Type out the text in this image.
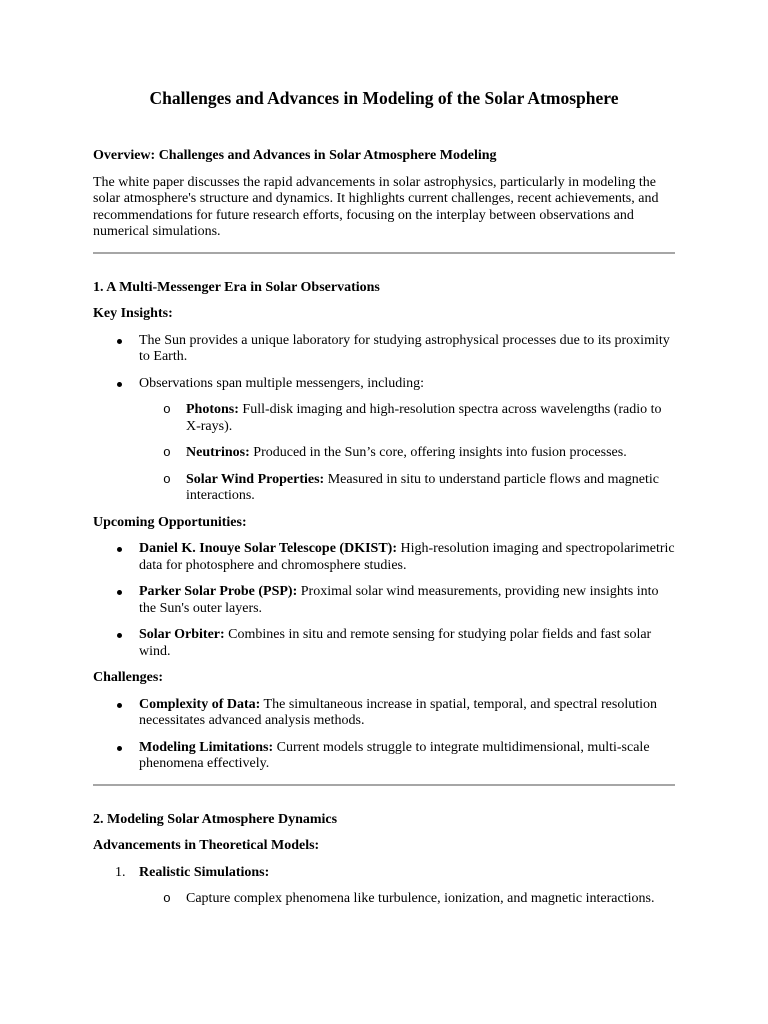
Challenges and Advances in Modeling of the Solar Atmosphere

Overview: Challenges and Advances in Solar Atmosphere Modeling

The white paper discusses the rapid advancements in solar astrophysics, particularly in modeling the solar atmosphere's structure and dynamics. It highlights current challenges, recent achievements, and recommendations for future research efforts, focusing on the interplay between observations and numerical simulations.

1. A Multi-Messenger Era in Solar Observations

Key Insights:

The Sun provides a unique laboratory for studying astrophysical processes due to its proximity to Earth.
Observations span multiple messengers, including:
o Photons: Full-disk imaging and high-resolution spectra across wavelengths (radio to X-rays).
o Neutrinos: Produced in the Sun’s core, offering insights into fusion processes.
o Solar Wind Properties: Measured in situ to understand particle flows and magnetic interactions.

Upcoming Opportunities:

Daniel K. Inouye Solar Telescope (DKIST): High-resolution imaging and spectropolarimetric data for photosphere and chromosphere studies.
Parker Solar Probe (PSP): Proximal solar wind measurements, providing new insights into the Sun's outer layers.
Solar Orbiter: Combines in situ and remote sensing for studying polar fields and fast solar wind.

Challenges:

Complexity of Data: The simultaneous increase in spatial, temporal, and spectral resolution necessitates advanced analysis methods.
Modeling Limitations: Current models struggle to integrate multidimensional, multi-scale phenomena effectively.

2. Modeling Solar Atmosphere Dynamics

Advancements in Theoretical Models:

1. Realistic Simulations:
o Capture complex phenomena like turbulence, ionization, and magnetic interactions.
